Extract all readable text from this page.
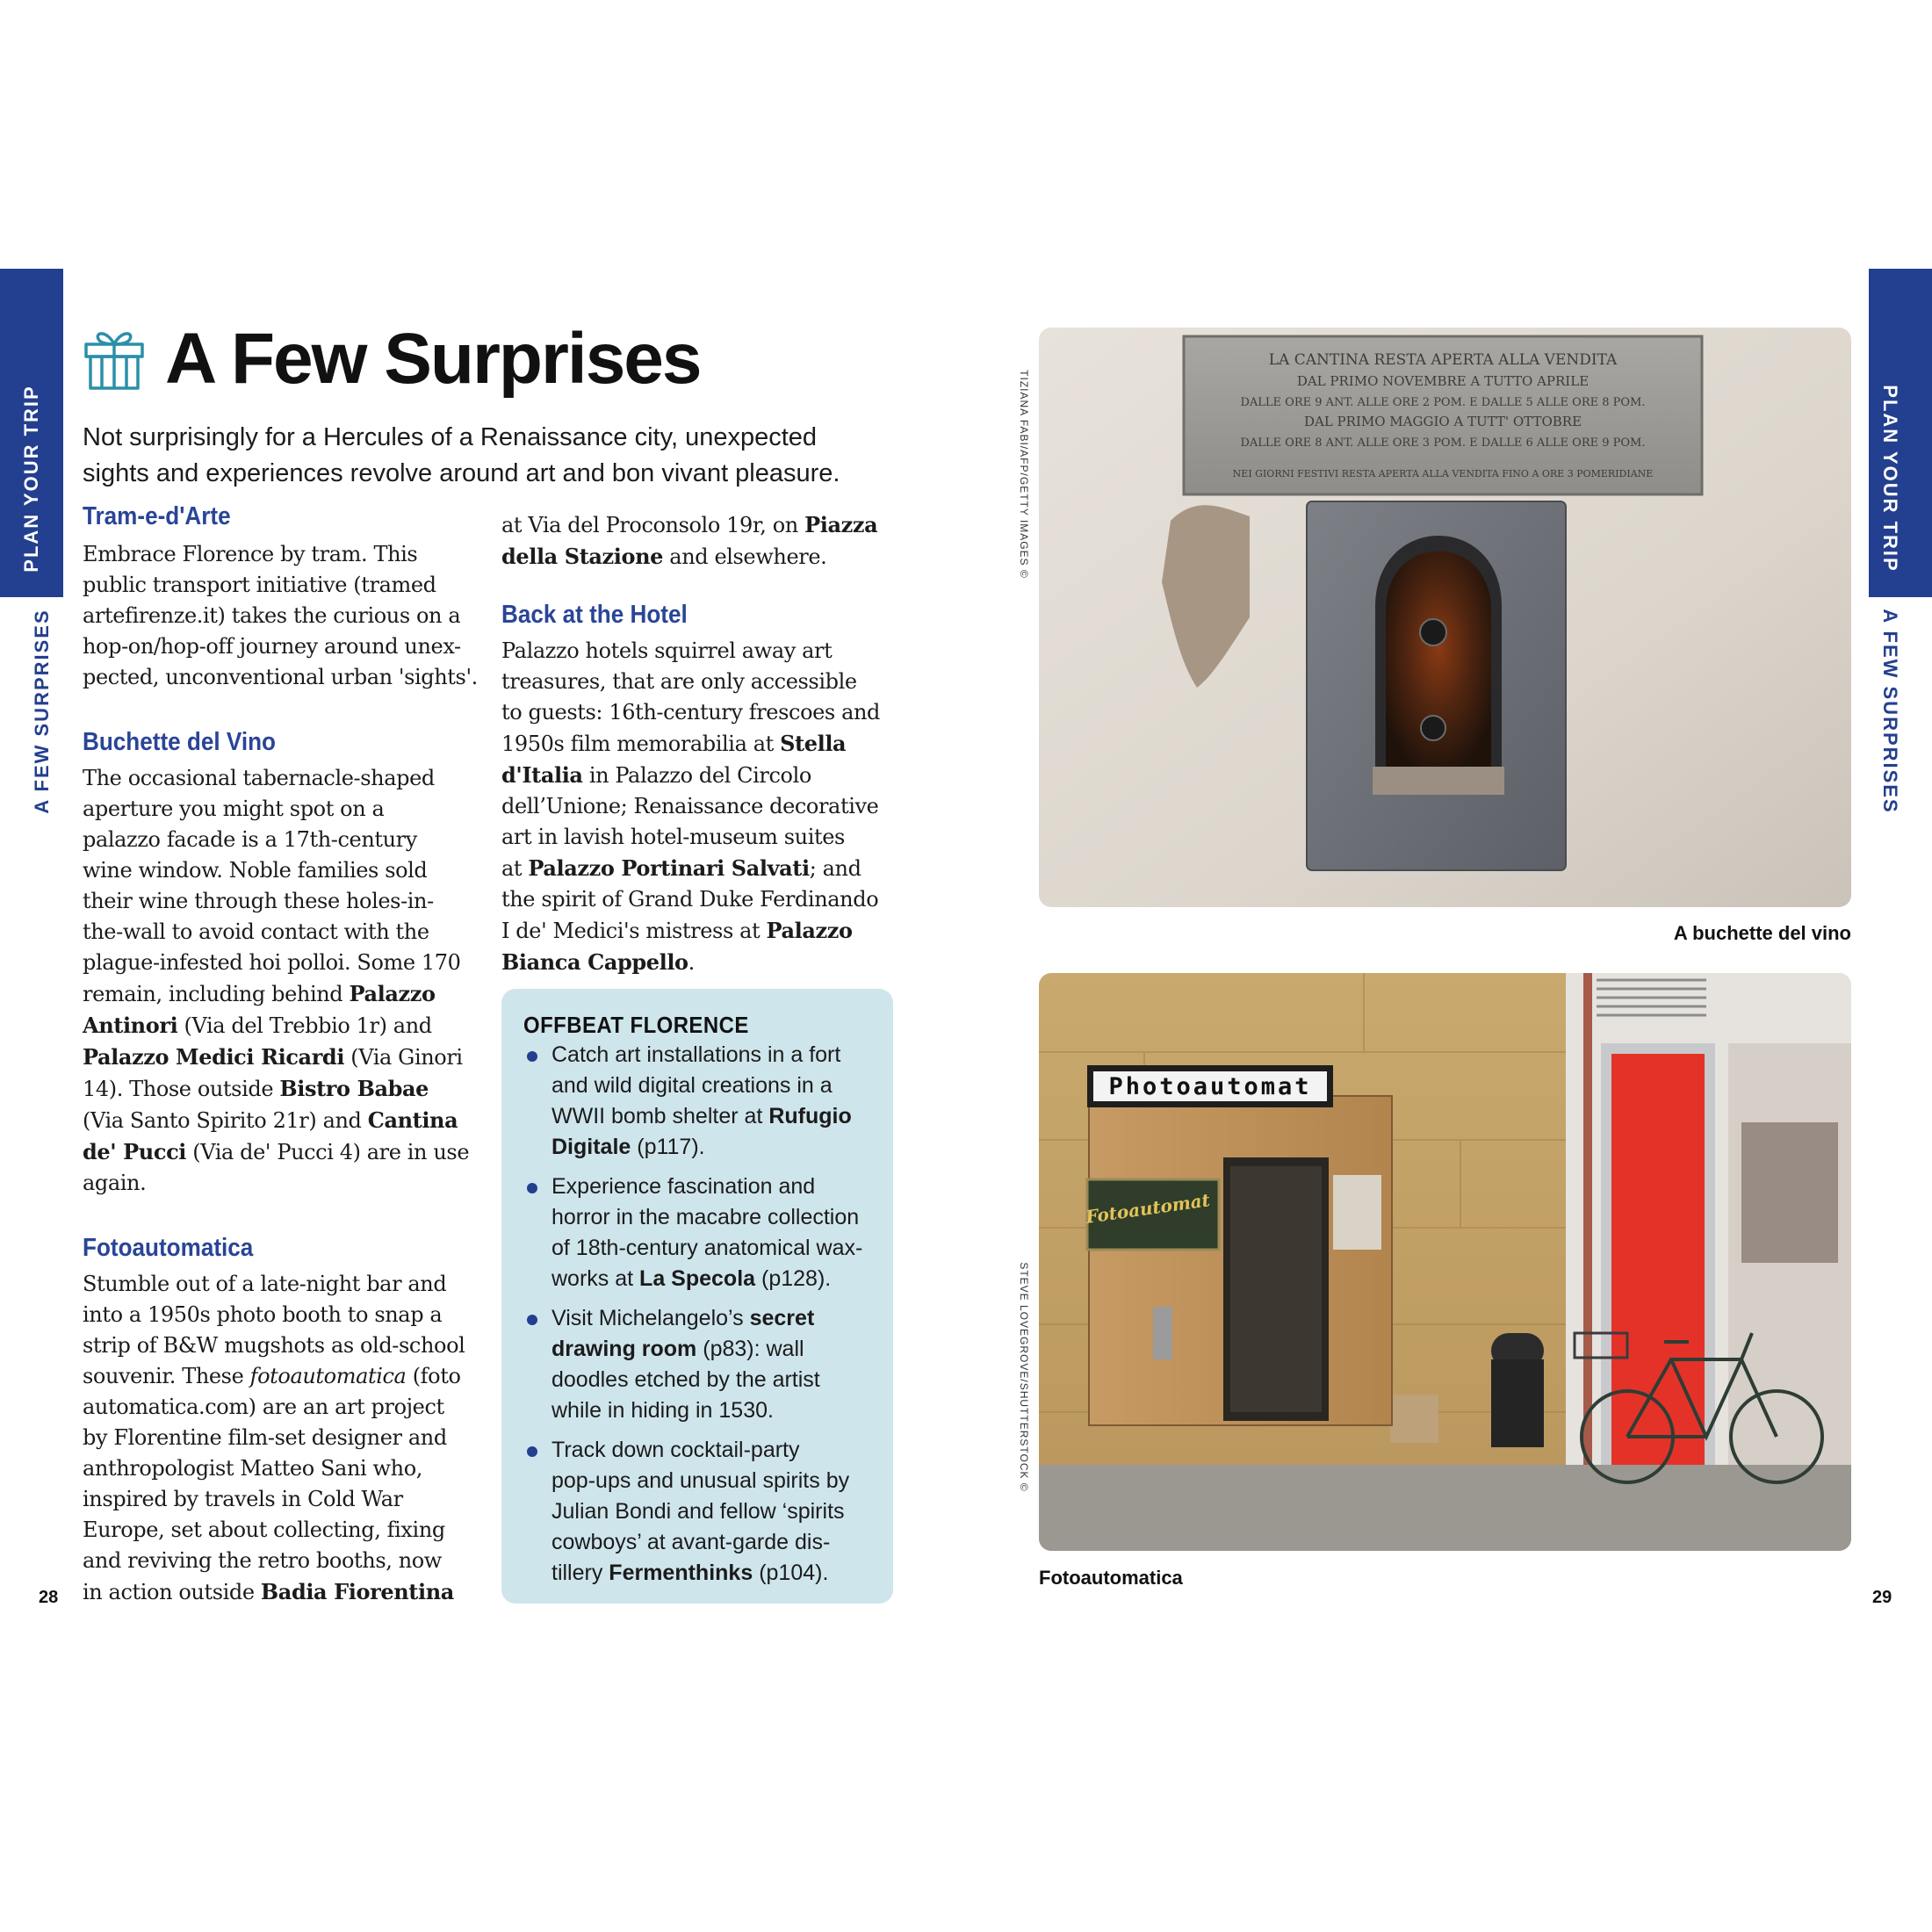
PLAN YOUR TRIP
A FEW SURPRISES
PLAN YOUR TRIP
A FEW SURPRISES
A Few Surprises
Not surprisingly for a Hercules of a Renaissance city, unexpected sights and experiences revolve around art and bon vivant pleasure.
Tram-e-d'Arte
Embrace Florence by tram. This
public transport initiative (tramed
artefirenze.it) takes the curious on a
hop-on/hop-off journey around unex-
pected, unconventional urban 'sights'.
Buchette del Vino
The occasional tabernacle-shaped
aperture you might spot on a
palazzo facade is a 17th-century
wine window. Noble families sold
their wine through these holes-in-
the-wall to avoid contact with the
plague-infested hoi polloi. Some 170
remain, including behind Palazzo
Antinori (Via del Trebbio 1r) and
Palazzo Medici Ricardi (Via Ginori
14). Those outside Bistro Babae
(Via Santo Spirito 21r) and Cantina
de' Pucci (Via de' Pucci 4) are in use
again.
Fotoautomatica
Stumble out of a late-night bar and
into a 1950s photo booth to snap a
strip of B&W mugshots as old-school
souvenir. These fotoautomatica (foto
automatica.com) are an art project
by Florentine film-set designer and
anthropologist Matteo Sani who,
inspired by travels in Cold War
Europe, set about collecting, fixing
and reviving the retro booths, now
in action outside Badia Fiorentina
at Via del Proconsolo 19r, on Piazza
della Stazione and elsewhere.
Back at the Hotel
Palazzo hotels squirrel away art
treasures, that are only accessible
to guests: 16th-century frescoes and
1950s film memorabilia at Stella
d'Italia in Palazzo del Circolo
dell’Unione; Renaissance decorative
art in lavish hotel-museum suites
at Palazzo Portinari Salvati; and
the spirit of Grand Duke Ferdinando
I de' Medici's mistress at Palazzo
Bianca Cappello.
OFFBEAT FLORENCE
Catch art installations in a fort
and wild digital creations in a
WWII bomb shelter at Rufugio
Digitale (p117).
Experience fascination and
horror in the macabre collection
of 18th-century anatomical wax-
works at La Specola (p128).
Visit Michelangelo’s secret
drawing room (p83): wall
doodles etched by the artist
while in hiding in 1530.
Track down cocktail-party
pop-ups and unusual spirits by
Julian Bondi and fellow ‘spirits
cowboys’ at avant-garde dis-
tillery Fermenthinks (p104).
28	29
TIZIANA FABI/AFP/GETTY IMAGES ©
LA CANTINA RESTA APERTA ALLA VENDITA
DAL PRIMO NOVEMBRE A TUTTO APRILE
DALLE ORE 9 ANT. ALLE ORE 2 POM. E DALLE 5 ALLE ORE 8 POM.
DAL PRIMO MAGGIO A TUTT' OTTOBRE
DALLE ORE 8 ANT. ALLE ORE 3 POM. E DALLE 6 ALLE ORE 9 POM.
NEI GIORNI FESTIVI RESTA APERTA ALLA VENDITA FINO A ORE 3 POMERIDIANE
A buchette del vino
STEVE LOVEGROVE/SHUTTERSTOCK ©
Photoautomat
Fotoautomat
Fotoautomatica
